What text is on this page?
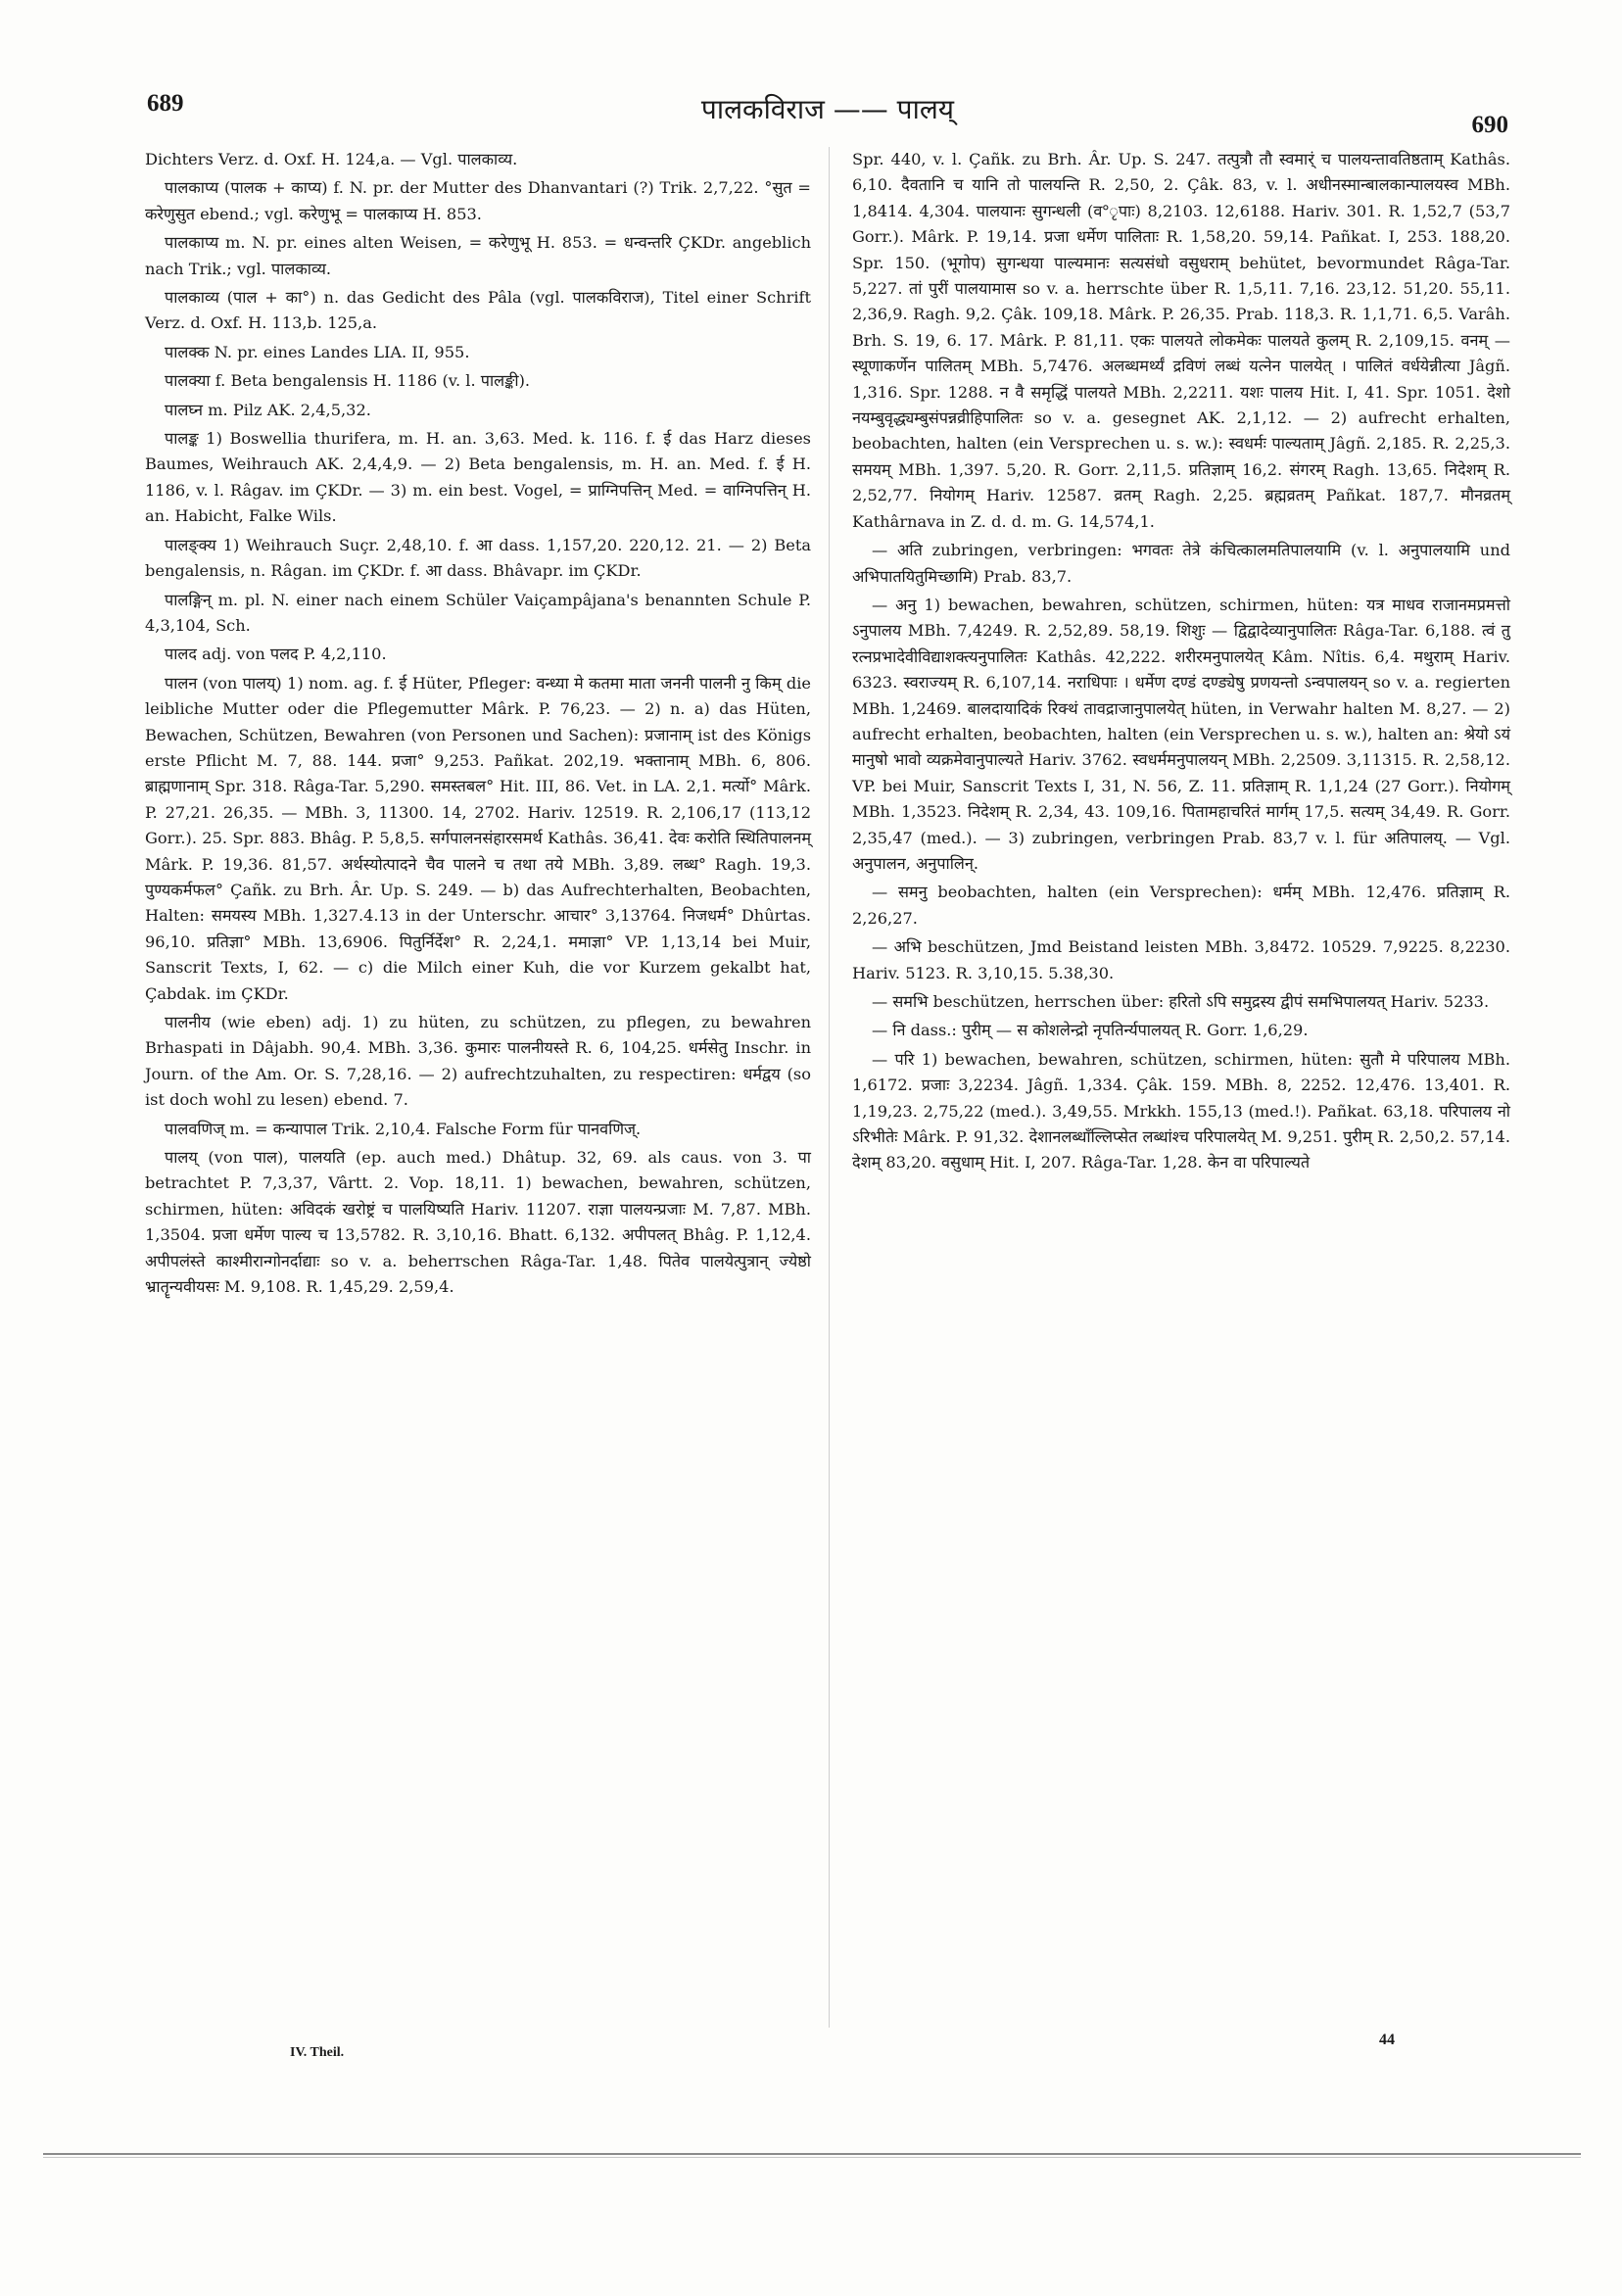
689	पालकविराज —— पालय्	690

Dichters Verz. d. Oxf. H. 124,a. — Vgl. पालकाव्य.

पालकाप्य (पालक + काप्य) f. N. pr. der Mutter des Dhanvantari (?) Trik. 2,7,22. °सुत = करेणुसुत ebend.; vgl. करेणुभू = पालकाप्य H. 853.

पालकाप्य m. N. pr. eines alten Weisen, = करेणुभू H. 853. = धन्वन्तरि ÇKDr. angeblich nach Trik.; vgl. पालकाव्य.

पालकाव्य (पाल + का°) n. das Gedicht des Pâla (vgl. पालकविराज), Titel einer Schrift Verz. d. Oxf. H. 113,b. 125,a.

पालक्क N. pr. eines Landes LIA. II, 955.

पालक्या f. Beta bengalensis H. 1186 (v. l. पालङ्की).

पालघ्न m. Pilz AK. 2,4,5,32.

पालङ्क 1) Boswellia thurifera, m. H. an. 3,63. Med. k. 116. f. ई das Harz dieses Baumes, Weihrauch AK. 2,4,4,9. — 2) Beta bengalensis, m. H. an. Med. f. ई H. 1186, v. l. Râgav. im ÇKDr. — 3) m. ein best. Vogel, = प्राग्निपत्तिन् Med. = वाग्निपत्तिन् H. an. Habicht, Falke Wils.

पालङ्क्य 1) Weihrauch Suçr. 2,48,10. f. आ dass. 1,157,20. 220,12. 21. — 2) Beta bengalensis, n. Râgan. im ÇKDr. f. आ dass. Bhâvapr. im ÇKDr.

पालङ्गिन् m. pl. N. einer nach einem Schüler Vaiçampâjana's benannten Schule P. 4,3,104, Sch.

पालद adj. von पलद P. 4,2,110.

पालन (von पालय्) 1) nom. ag. f. ई Hüter, Pfleger: वन्ध्या मे कतमा माता जननी पालनी नु किम् die leibliche Mutter oder die Pflegemutter Mârk. P. 76,23. — 2) n. a) das Hüten, Bewachen, Schützen, Bewahren (von Personen und Sachen): प्रजानाम् ist des Königs erste Pflicht M. 7, 88. 144. प्रजा° 9,253. Pañkat. 202,19. भक्तानाम् MBh. 6, 806. ब्राह्मणानाम् Spr. 318. Râga-Tar. 5,290. समस्तबल° Hit. III, 86. Vet. in LA. 2,1. मर्त्यो° Mârk. P. 27,21. 26,35. — MBh. 3, 11300. 14, 2702. Hariv. 12519. R. 2,106,17 (113,12 Gorr.). 25. Spr. 883. Bhâg. P. 5,8,5. सर्गपालनसंहारसमर्थ Kathâs. 36,41. देवः करोति स्थितिपालनम् Mârk. P. 19,36. 81,57. अर्थस्योत्पादने चैव पालने च तथा तये MBh. 3,89. लब्ध° Ragh. 19,3. पुण्यकर्मफल° Çañk. zu Brh. Âr. Up. S. 249. — b) das Aufrechterhalten, Beobachten, Halten: समयस्य MBh. 1,327.4.13 in der Unterschr. आचार° 3,13764. निजधर्म° Dhûrtas. 96,10. प्रतिज्ञा° MBh. 13,6906. पितुर्निर्देश° R. 2,24,1. ममाज्ञा° VP. 1,13,14 bei Muir, Sanscrit Texts, I, 62. — c) die Milch einer Kuh, die vor Kurzem gekalbt hat, Çabdak. im ÇKDr.

पालनीय (wie eben) adj. 1) zu hüten, zu schützen, zu pflegen, zu bewahren Brhaspati in Dâjabh. 90,4. MBh. 3,36. कुमारः पालनीयस्ते R. 6, 104,25. धर्मसेतु Inschr. in Journ. of the Am. Or. S. 7,28,16. — 2) aufrechtzuhalten, zu respectiren: धर्मद्वय (so ist doch wohl zu lesen) ebend. 7.

पालवणिज् m. = कन्यापाल Trik. 2,10,4. Falsche Form für पानवणिज्.

पालय् (von पाल), पालयति (ep. auch med.) Dhâtup. 32, 69. als caus. von 3. पा betrachtet P. 7,3,37, Vârtt. 2. Vop. 18,11. 1) bewachen, bewahren, schützen, schirmen, hüten: अविदकं खरोष्ट्रं च पालयिष्यति Hariv. 11207. राज्ञा पालयन्प्रजाः M. 7,87. MBh. 1,3504. प्रजा धर्मेण पाल्य च 13,5782. R. 3,10,16. Bhatt. 6,132. अपीपलत् Bhâg. P. 1,12,4. अपीपलंस्ते काश्मीरान्गोनर्दाद्याः so v. a. beherrschen Râga-Tar. 1,48. पितेव पालयेत्पुत्रान् ज्येष्ठो भ्रातॄन्यवीयसः M. 9,108. R. 1,45,29. 2,59,4.

Spr. 440, v. l. Çañk. zu Brh. Âr. Up. S. 247. तत्पुत्रौ तौ स्वमार्ं च पालयन्तावतिष्ठताम् Kathâs. 6,10. दैवतानि च यानि तो पालयन्ति R. 2,50, 2. Çâk. 83, v. l. अधीनस्मान्बालकान्पालयस्व MBh. 1,8414. 4,304. पालयानः सुगन्धली (व°ृपाः) 8,2103. 12,6188. Hariv. 301. R. 1,52,7 (53,7 Gorr.). Mârk. P. 19,14. प्रजा धर्मेण पालिताः R. 1,58,20. 59,14. Pañkat. I, 253. 188,20. Spr. 150. (भूगोप) सुगन्धया पाल्यमानः सत्यसंधो वसुधराम् behütet, bevormundet Râga-Tar. 5,227. तां पुरीं पालयामास so v. a. herrschte über R. 1,5,11. 7,16. 23,12. 51,20. 55,11. 2,36,9. Ragh. 9,2. Çâk. 109,18. Mârk. P. 26,35. Prab. 118,3. R. 1,1,71. 6,5. Varâh. Brh. S. 19, 6. 17. Mârk. P. 81,11. एकः पालयते लोकमेकः पालयते कुलम् R. 2,109,15. वनम् — स्थूणाकर्णेन पालितम् MBh. 5,7476. अलब्धमर्थ्यं द्रविणं लब्धं यत्नेन पालयेत् । पालितं वर्धयेन्नीत्या Jâgñ. 1,316. Spr. 1288. न वै समृद्धिं पालयते MBh. 2,2211. यशः पालय Hit. I, 41. Spr. 1051. देशो नयम्बुवृद्ध्यम्बुसंपन्नव्रीहिपालितः so v. a. gesegnet AK. 2,1,12. — 2) aufrecht erhalten, beobachten, halten (ein Versprechen u. s. w.): स्वधर्मः पाल्यताम् Jâgñ. 2,185. R. 2,25,3. समयम् MBh. 1,397. 5,20. R. Gorr. 2,11,5. प्रतिज्ञाम् 16,2. संगरम् Ragh. 13,65. निदेशम् R. 2,52,77. नियोगम् Hariv. 12587. व्रतम् Ragh. 2,25. ब्रह्मव्रतम् Pañkat. 187,7. मौनव्रतम् Kathârnava in Z. d. d. m. G. 14,574,1.

— अति zubringen, verbringen: भगवतः तेत्रे कंचित्कालमतिपालयामि (v. l. अनुपालयामि und अभिपातयितुमिच्छामि) Prab. 83,7.

— अनु 1) bewachen, bewahren, schützen, schirmen, hüten: यत्र माधव राजानमप्रमत्तो ऽनुपालय MBh. 7,4249. R. 2,52,89. 58,19. शिशुः — द्विद्वादेव्यानुपालितः Râga-Tar. 6,188. त्वं तु रत्नप्रभादेवीविद्याशक्त्यनुपालितः Kathâs. 42,222. शरीरमनुपालयेत् Kâm. Nîtis. 6,4. मथुराम् Hariv. 6323. स्वराज्यम् R. 6,107,14. नराधिपाः । धर्मेण दण्डं दण्ड्येषु प्रणयन्तो ऽन्वपालयन् so v. a. regierten MBh. 1,2469. बालदायादिकं रिक्थं तावद्राजानुपालयेत् hüten, in Verwahr halten M. 8,27. — 2) aufrecht erhalten, beobachten, halten (ein Versprechen u. s. w.), halten an: श्रेयो ऽयं मानुषो भावो व्यक्रमेवानुपाल्यते Hariv. 3762. स्वधर्ममनुपालयन् MBh. 2,2509. 3,11315. R. 2,58,12. VP. bei Muir, Sanscrit Texts I, 31, N. 56, Z. 11. प्रतिज्ञाम् R. 1,1,24 (27 Gorr.). नियोगम् MBh. 1,3523. निदेशम् R. 2,34, 43. 109,16. पितामहाचरितं मार्गम् 17,5. सत्यम् 34,49. R. Gorr. 2,35,47 (med.). — 3) zubringen, verbringen Prab. 83,7 v. l. für अतिपालय्. — Vgl. अनुपालन, अनुपालिन्.

— समनु beobachten, halten (ein Versprechen): धर्मम् MBh. 12,476. प्रतिज्ञाम् R. 2,26,27.

— अभि beschützen, Jmd Beistand leisten MBh. 3,8472. 10529. 7,9225. 8,2230. Hariv. 5123. R. 3,10,15. 5.38,30.

— समभि beschützen, herrschen über: हरितो ऽपि समुद्रस्य द्वीपं समभिपालयत् Hariv. 5233.

— नि dass.: पुरीम् — स कोशलेन्द्रो नृपतिर्न्यपालयत् R. Gorr. 1,6,29.

— परि 1) bewachen, bewahren, schützen, schirmen, hüten: सुतौ मे परिपालय MBh. 1,6172. प्रजाः 3,2234. Jâgñ. 1,334. Çâk. 159. MBh. 8, 2252. 12,476. 13,401. R. 1,19,23. 2,75,22 (med.). 3,49,55. Mrkkh. 155,13 (med.!). Pañkat. 63,18. परिपालय नो ऽरिभीतेः Mârk. P. 91,32. देशानलब्धाँल्लिप्सेत लब्धांश्च परिपालयेत् M. 9,251. पुरीम् R. 2,50,2. 57,14. देशम् 83,20. वसुधाम् Hit. I, 207. Râga-Tar. 1,28. केन वा परिपाल्यते

IV. Theil.
44
